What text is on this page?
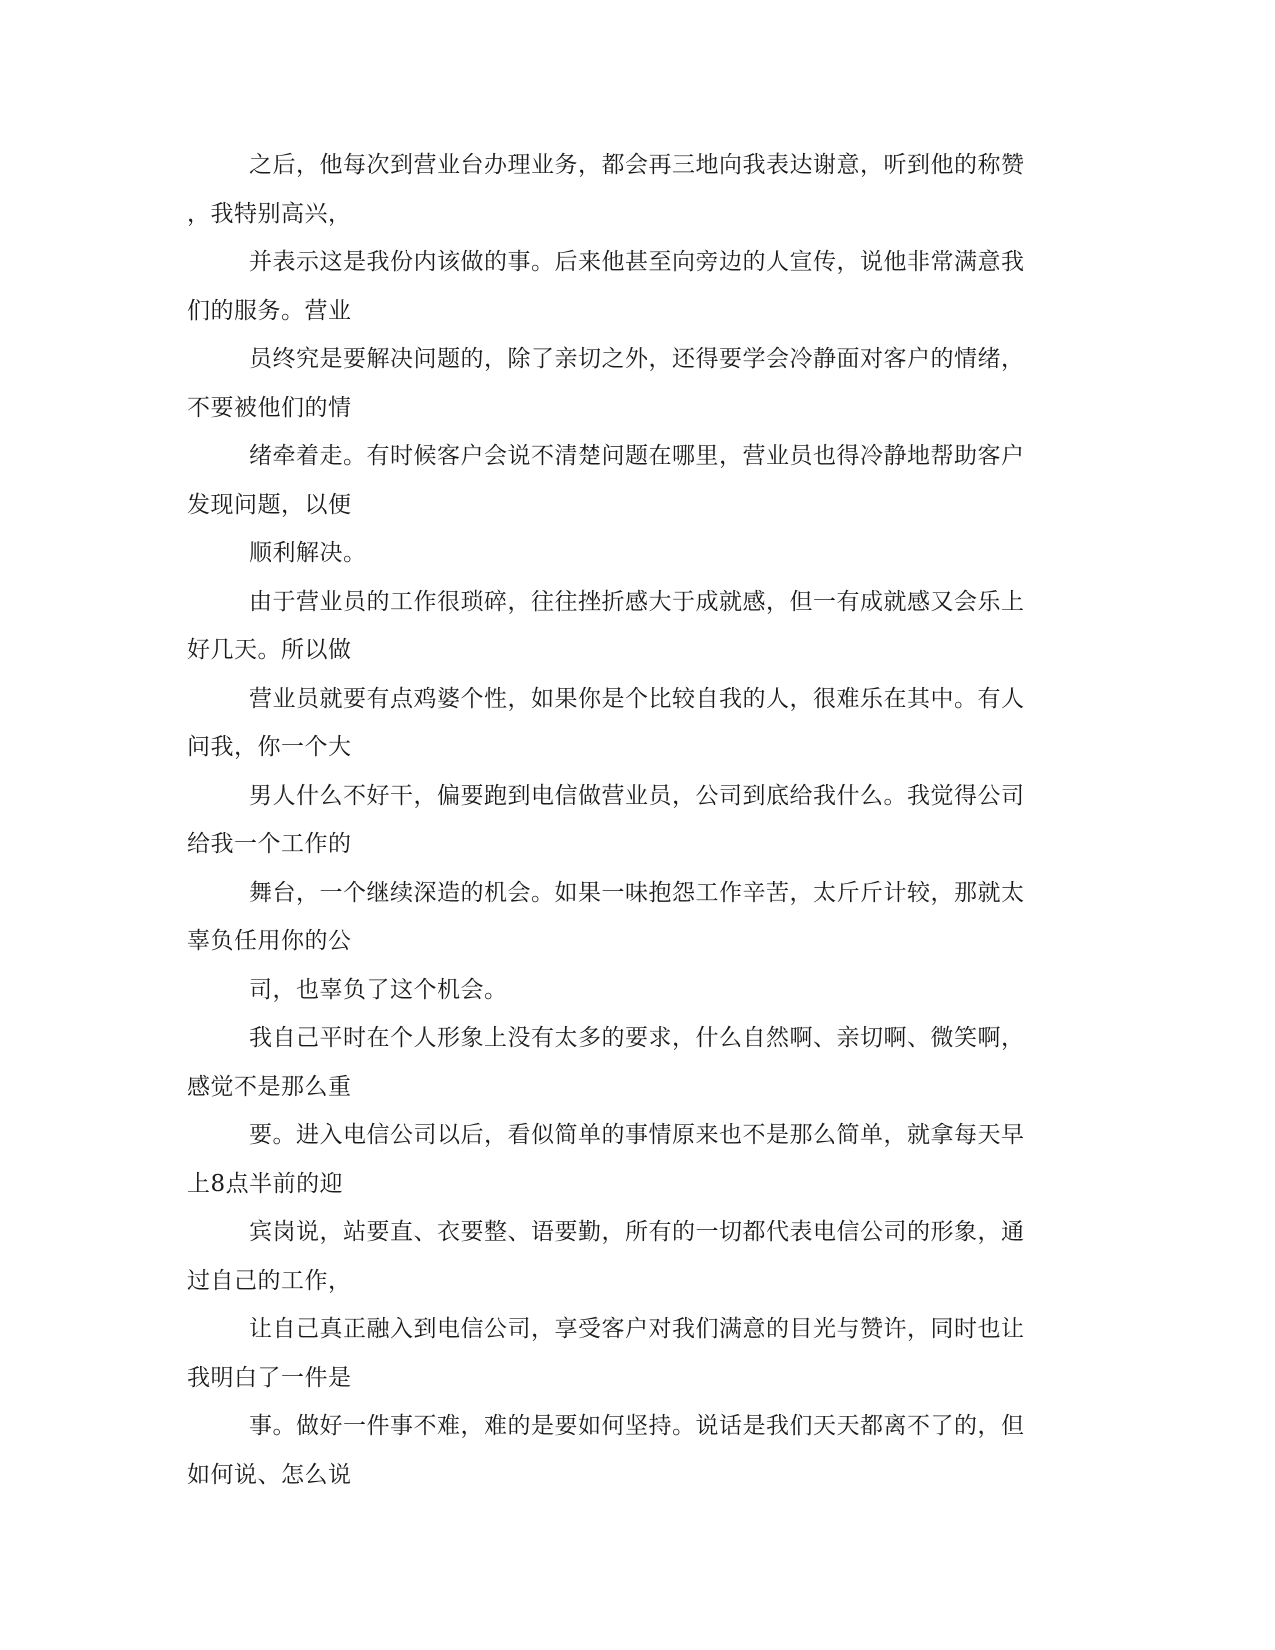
之后，他每次到营业台办理业务，都会再三地向我表达谢意，听到他的称赞
，我特别高兴，

并表示这是我份内该做的事。后来他甚至向旁边的人宣传，说他非常满意我
们的服务。营业

员终究是要解决问题的，除了亲切之外，还得要学会冷静面对客户的情绪，
不要被他们的情

绪牵着走。有时候客户会说不清楚问题在哪里，营业员也得冷静地帮助客户
发现问题，以便

顺利解决。

由于营业员的工作很琐碎，往往挫折感大于成就感，但一有成就感又会乐上
好几天。所以做

营业员就要有点鸡婆个性，如果你是个比较自我的人，很难乐在其中。有人
问我，你一个大

男人什么不好干，偏要跑到电信做营业员，公司到底给我什么。我觉得公司
给我一个工作的

舞台，一个继续深造的机会。如果一味抱怨工作辛苦，太斤斤计较，那就太
辜负任用你的公

司，也辜负了这个机会。

我自己平时在个人形象上没有太多的要求，什么自然啊、亲切啊、微笑啊，
感觉不是那么重

要。进入电信公司以后，看似简单的事情原来也不是那么简单，就拿每天早
上8点半前的迎

宾岗说，站要直、衣要整、语要勤，所有的一切都代表电信公司的形象，通
过自己的工作，

让自己真正融入到电信公司，享受客户对我们满意的目光与赞许，同时也让
我明白了一件是

事。做好一件事不难，难的是要如何坚持。说话是我们天天都离不了的，但
如何说、怎么说
